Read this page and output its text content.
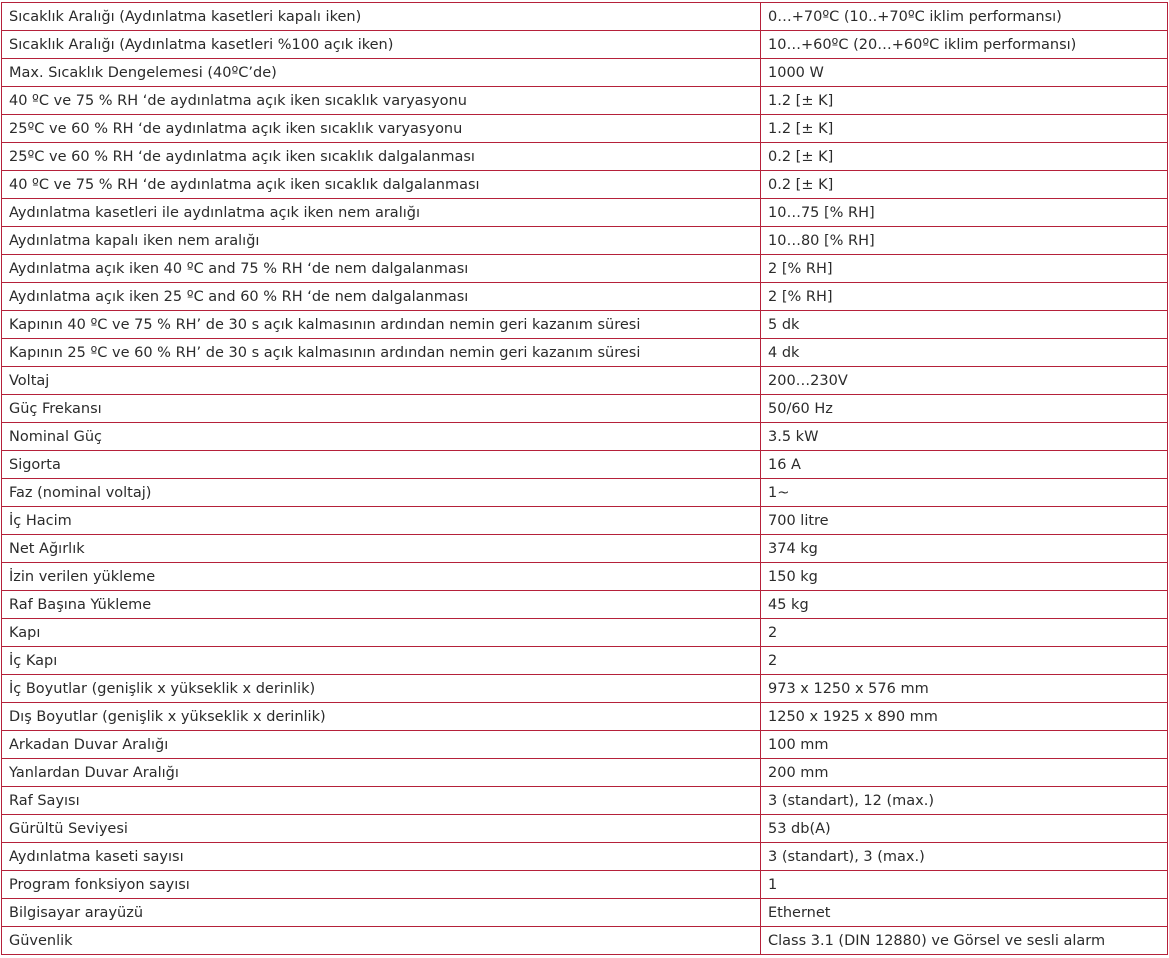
Sıcaklık Aralığı (Aydınlatma kasetleri kapalı iken)	0…+70ºC (10..+70ºC iklim performansı)
Sıcaklık Aralığı (Aydınlatma kasetleri %100 açık iken)	10…+60ºC (20…+60ºC iklim performansı)
Max. Sıcaklık Dengelemesi (40ºC’de)	1000 W
40 ºC ve 75 % RH ‘de aydınlatma açık iken sıcaklık varyasyonu	1.2 [± K]
25ºC ve 60 % RH ‘de aydınlatma açık iken sıcaklık varyasyonu	1.2 [± K]
25ºC ve 60 % RH ‘de aydınlatma açık iken sıcaklık dalgalanması	0.2 [± K]
40 ºC ve 75 % RH ‘de aydınlatma açık iken sıcaklık dalgalanması	0.2 [± K]
Aydınlatma kasetleri ile aydınlatma açık iken nem aralığı	10…75 [% RH]
Aydınlatma kapalı iken nem aralığı	10…80 [% RH]
Aydınlatma açık iken 40 ºC and 75 % RH ‘de nem dalgalanması	2 [% RH]
Aydınlatma açık iken 25 ºC and 60 % RH ‘de nem dalgalanması	2 [% RH]
Kapının 40 ºC ve 75 % RH’ de 30 s açık kalmasının ardından nemin geri kazanım süresi	5 dk
Kapının 25 ºC ve 60 % RH’ de 30 s açık kalmasının ardından nemin geri kazanım süresi	4 dk
Voltaj	200…230V
Güç Frekansı	50/60 Hz
Nominal Güç	3.5 kW
Sigorta	16 A
Faz (nominal voltaj)	1~
İç Hacim	700 litre
Net Ağırlık	374 kg
İzin verilen yükleme	150 kg
Raf Başına Yükleme	45 kg
Kapı	2
İç Kapı	2
İç Boyutlar (genişlik x yükseklik x derinlik)	973 x 1250 x 576 mm
Dış Boyutlar (genişlik x yükseklik x derinlik)	1250 x 1925 x 890 mm
Arkadan Duvar Aralığı	100 mm
Yanlardan Duvar Aralığı	200 mm
Raf Sayısı	3 (standart), 12 (max.)
Gürültü Seviyesi	53 db(A)
Aydınlatma kaseti sayısı	3 (standart), 3 (max.)
Program fonksiyon sayısı	1
Bilgisayar arayüzü	Ethernet
Güvenlik	Class 3.1 (DIN 12880) ve Görsel ve sesli alarm
